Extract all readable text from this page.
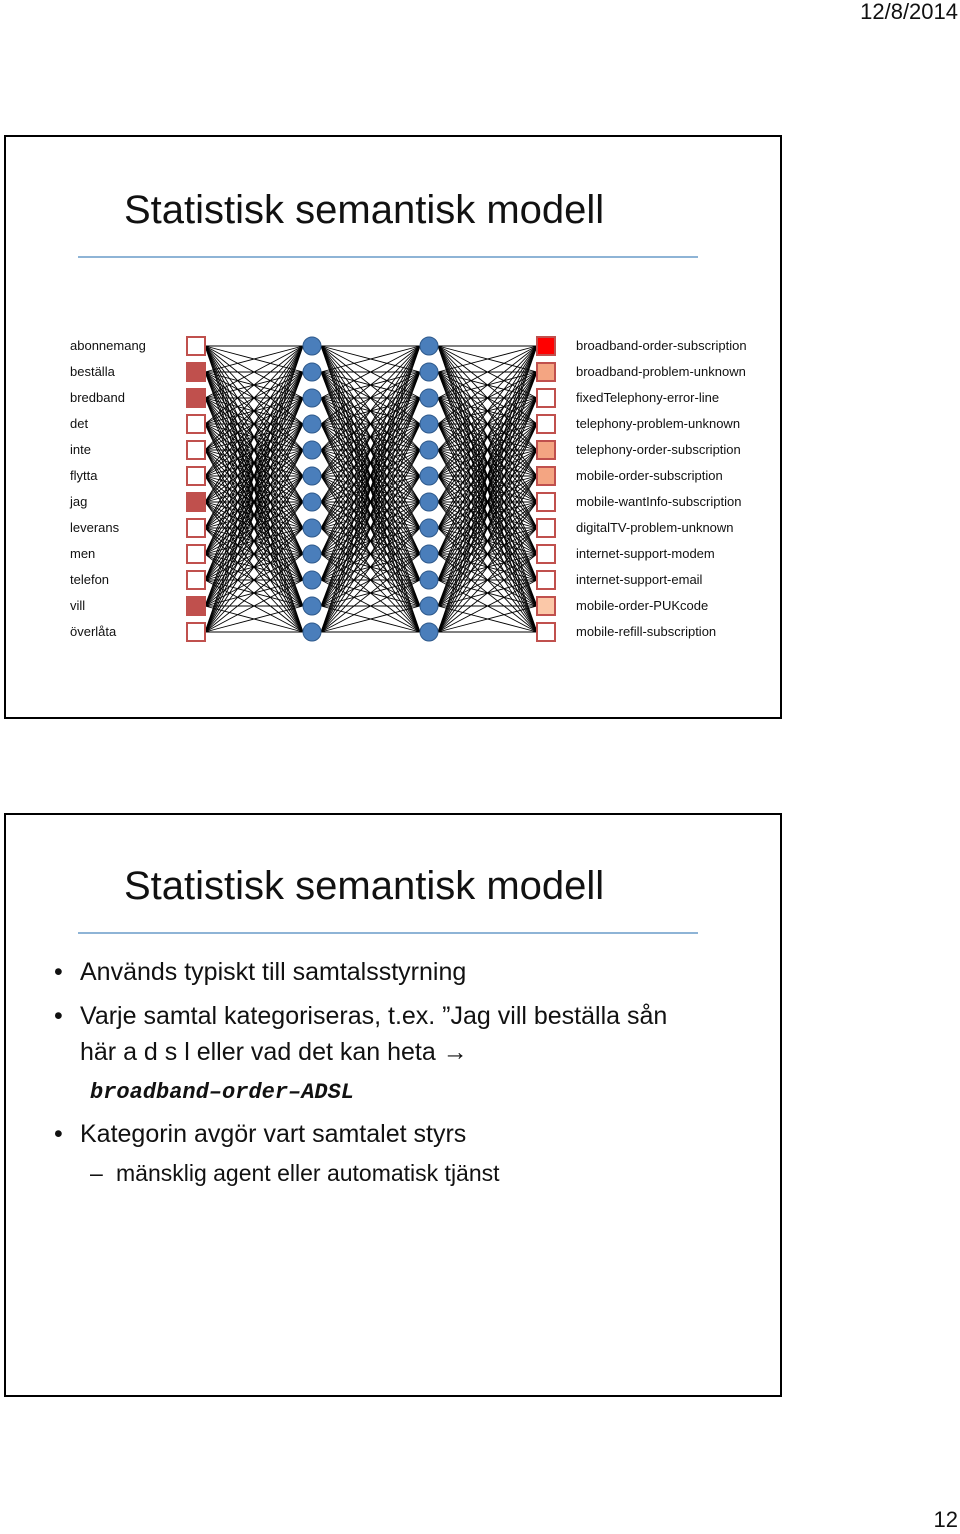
12/8/2014
Statistisk semantisk modell
abonnemang
beställa
bredband
det
inte
flytta
jag
leverans
men
telefon
vill
överlåta
broadband-order-subscription
broadband-problem-unknown
fixedTelephony-error-line
telephony-problem-unknown
telephony-order-subscription
mobile-order-subscription
mobile-wantInfo-subscription
digitalTV-problem-unknown
internet-support-modem
internet-support-email
mobile-order-PUKcode
mobile-refill-subscription
Statistisk semantisk modell
• Används typiskt till samtalsstyrning
• Varje samtal kategoriseras, t.ex. ”Jag vill beställa sån
här a d s l eller vad det kan heta →
broadband–order–ADSL
• Kategorin avgör vart samtalet styrs
– mänsklig agent eller automatisk tjänst
12
